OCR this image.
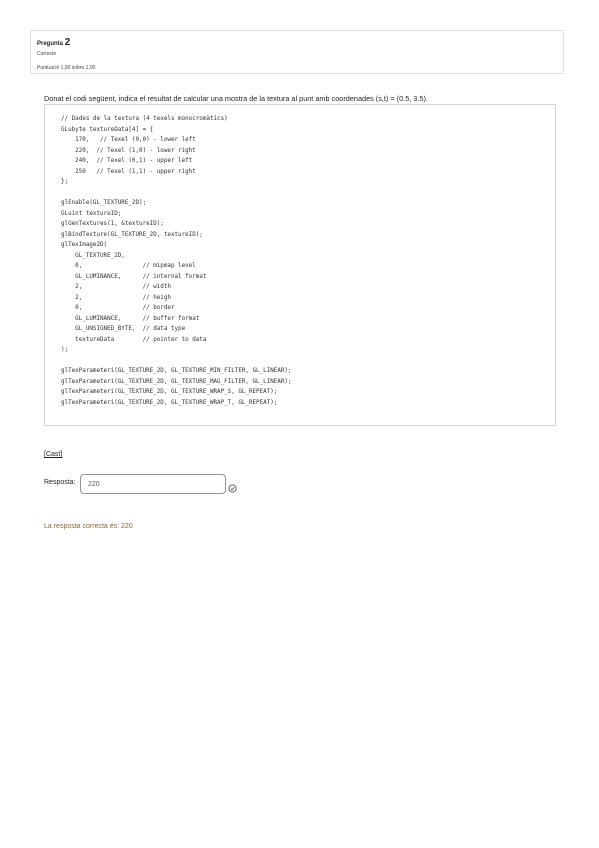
Pregunta 2
Correcte
Puntuació 1,00 sobre 1,00
Donat el codi següent, indica el resultat de calcular una mostra de la textura al punt amb coordenades (s,t) = (0.5, 3.5).
// Dades de la textura (4 texels monocromàtics)
GLubyte textureData[4] = {
170,   // Texel (0,0) - lower left
220,  // Texel (1,0) - lower right
240,  // Texel (0,1) - upper left
250   // Texel (1,1) - upper right
};

glEnable(GL_TEXTURE_2D);
GLuint textureID;
glGenTextures(1, &textureID);
glBindTexture(GL_TEXTURE_2D, textureID);
glTexImage2D(
GL_TEXTURE_2D,
0,                 // mipmap level
GL_LUMINANCE,      // internal format
2,                 // width
2,                 // heigh
0,                 // border
GL_LUMINANCE,      // buffer format
GL_UNSIGNED_BYTE,  // data type
textureData        // pointer to data
);

glTexParameteri(GL_TEXTURE_2D, GL_TEXTURE_MIN_FILTER, GL_LINEAR);
glTexParameteri(GL_TEXTURE_2D, GL_TEXTURE_MAG_FILTER, GL_LINEAR);
glTexParameteri(GL_TEXTURE_2D, GL_TEXTURE_WRAP_S, GL_REPEAT);
glTexParameteri(GL_TEXTURE_2D, GL_TEXTURE_WRAP_T, GL_REPEAT);
[Cast]
Resposta:
220
La resposta correcta és: 220
